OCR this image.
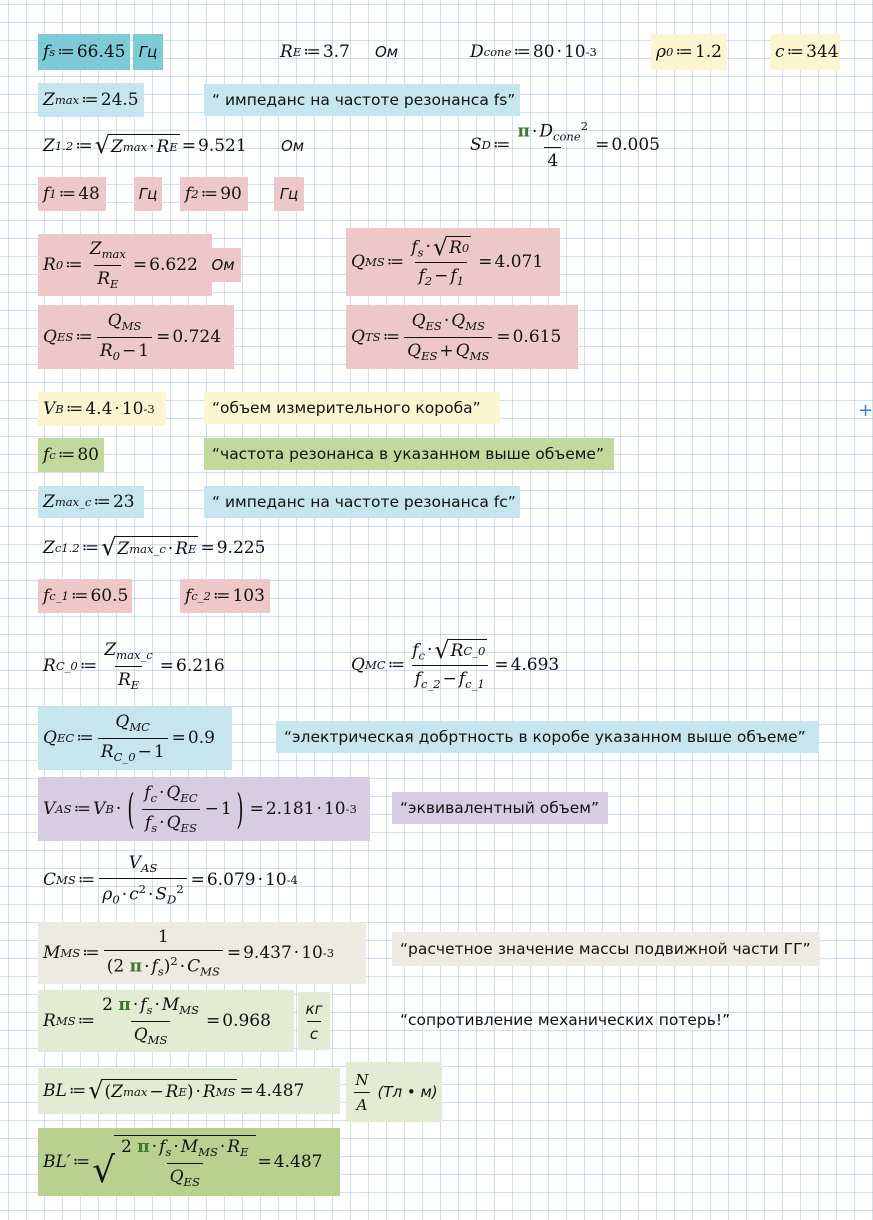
f s ≔ 66.45 Гц	R E ≔ 3.7	Ом	D cone ≔ 80 · 10 -3	ρ 0 ≔ 1.2	c ≔ 344
Z max ≔ 24.5	“ импеданс на частоте резонанса fs”
Z 1.2 ≔ √ Z max · R E = 9.521	Ом	S D ≔
$\pi \cdot D_{cone}^2$
4
= 0.005
f 1 ≔ 48	Гц f 2 ≔ 90	Гц
R 0 ≔
$Z_{max}$
$R_E$
= 6.622 Ом	Q MS ≔ $\frac{f_s \cdot √ R 0}{f_2 - f_1} = 4.071$
Q ES ≔
$Q_{MS}$
$R_0 - 1$
= 0.724	Q TS ≔
$Q_{ES} \cdot Q_{MS}$
$Q_{ES} + Q_{MS}$
= 0.615
V B ≔ 4.4 · 10 -3	“объем измерительного короба”
f c ≔ 80	“частота резонанса в указанном выше объеме”
Z max_c ≔ 23	“ импеданс на частоте резонанса fc”
Z c1.2 ≔ √ Z max_c · R E = 9.225
f c_1 ≔ 60.5	f c_2 ≔ 103
R C_0 ≔
$Z_{max\_c}$
$R_E$
= 6.216	Q MC ≔ $\frac{f_c \cdot √ R C\_0}{f_{c\_2} - f_{c\_1}} = 4.693$
Q EC ≔
$Q_{MC}$
$R_{C\_0} - 1$
= 0.9	“электрическая добртность в коробе указанном выше объеме”
V AS ≔ V B · ( $f_c \cdot Q_{EC}$
$f_s \cdot Q_{ES}$
− 1 ) = 2.181 · 10 -3	“эквивалентный объем”
C MS ≔
$V_{AS}$
$\rho_0 \cdot c^2 \cdot S_D^2 = 6.079 \cdot 10$ -4
M MS ≔
1
(2 $\pi \cdot f_s)^2 \cdot C_{MS}$
= 9.437 · 10 -3	“расчетное значение массы подвижной части ГГ”
R MS ≔
2 $\pi \cdot f_s \cdot M_{MS}$
$Q_{MS}$
= 0.968
кг
c
“сопротивление механических потерь!”
BL ≔ √ ( Z max − R E ) · R MS = 4.487	$\frac{N}{A}$ ( Тл • м )
BL′ ≔ √
2 $\pi \cdot f_s \cdot M_{MS} \cdot R_E$
$Q_{ES}$
= 4.487
+
